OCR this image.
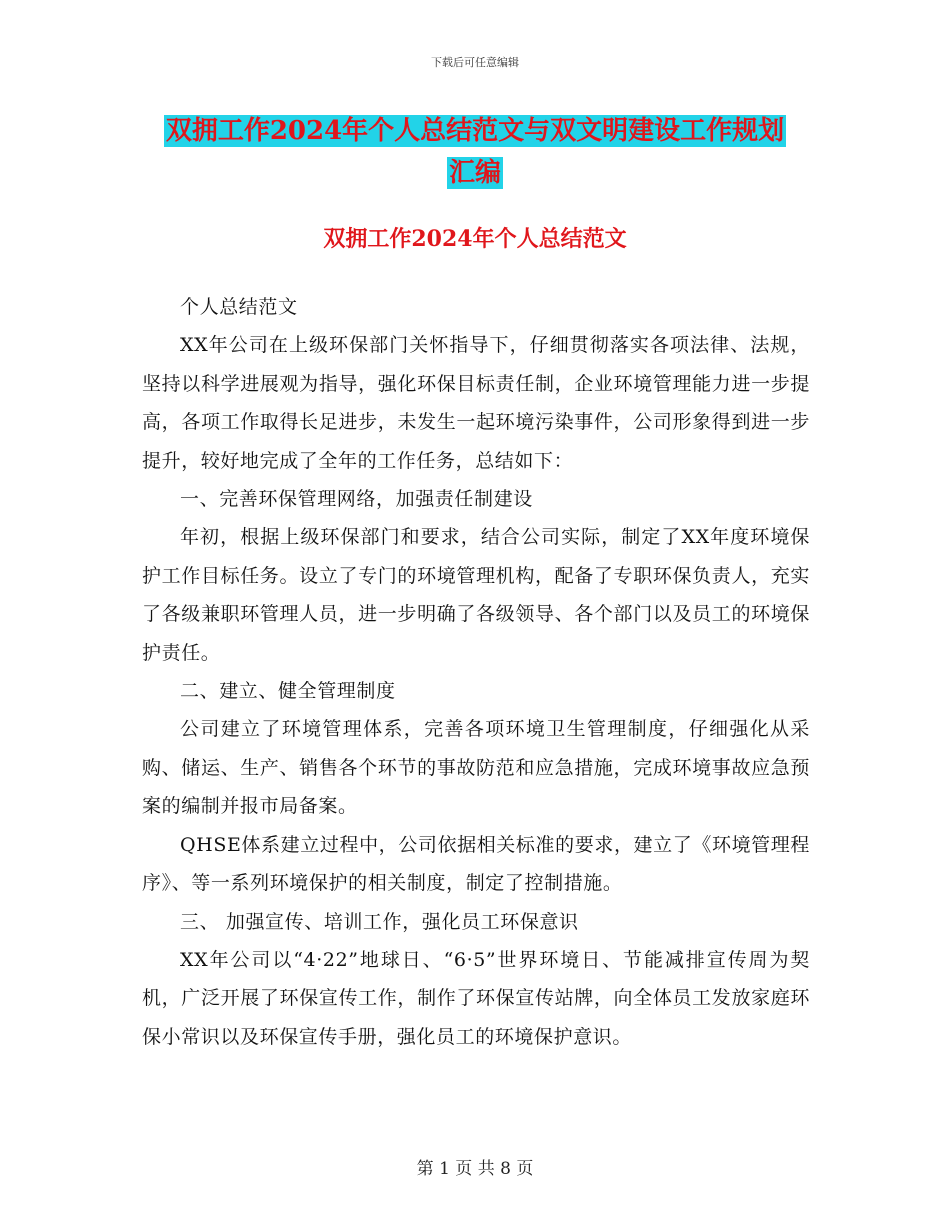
下载后可任意编辑
双拥工作2024年个人总结范文与双文明建设工作规划
汇编
双拥工作2024年个人总结范文

个人总结范文

XX年公司在上级环保部门关怀指导下，仔细贯彻落实各项法律、法规，坚持以科学进展观为指导，强化环保目标责任制，企业环境管理能力进一步提高，各项工作取得长足进步，未发生一起环境污染事件，公司形象得到进一步提升，较好地完成了全年的工作任务，总结如下：

一、完善环保管理网络，加强责任制建设

年初，根据上级环保部门和要求，结合公司实际，制定了XX年度环境保护工作目标任务。设立了专门的环境管理机构，配备了专职环保负责人，充实了各级兼职环管理人员，进一步明确了各级领导、各个部门以及员工的环境保护责任。

二、建立、健全管理制度

公司建立了环境管理体系，完善各项环境卫生管理制度，仔细强化从采购、储运、生产、销售各个环节的事故防范和应急措施，完成环境事故应急预案的编制并报市局备案。

QHSE体系建立过程中，公司依据相关标准的要求，建立了《环境管理程序》、等一系列环境保护的相关制度，制定了控制措施。

三、 加强宣传、培训工作，强化员工环保意识

XX年公司以“4·22”地球日、“6·5”世界环境日、节能减排宣传周为契机，广泛开展了环保宣传工作，制作了环保宣传站牌，向全体员工发放家庭环保小常识以及环保宣传手册，强化员工的环境保护意识。

第 1 页 共 8 页
